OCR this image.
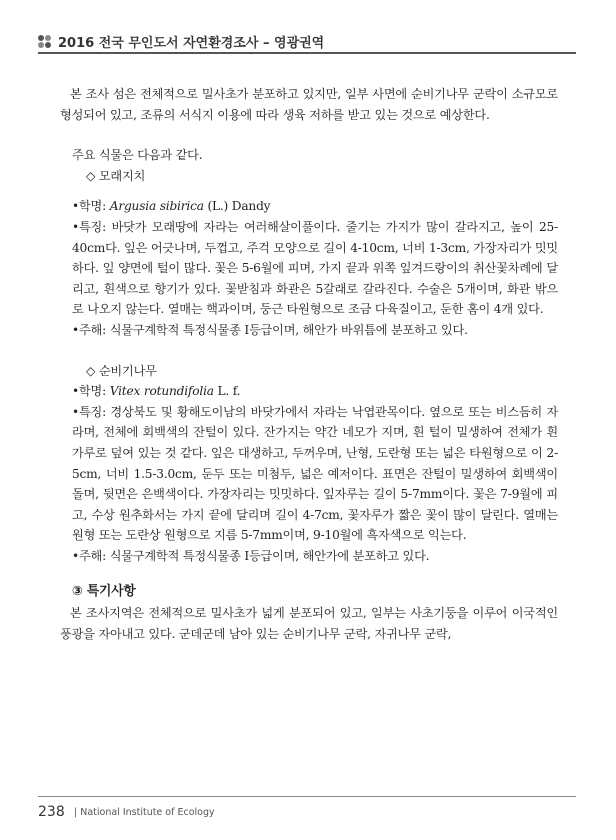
2016 전국 무인도서 자연환경조사 – 영광권역

본 조사 섬은 전체적으로 밀사초가 분포하고 있지만, 일부 사면에 순비기나무 군락이 소규모로 형성되어 있고, 조류의 서식지 이용에 따라 생육 저하를 받고 있는 것으로 예상한다.

주요 식물은 다음과 같다.

◇ 모래지치

•학명: Argusia sibirica (L.) Dandy

•특징: 바닷가 모래땅에 자라는 여러해살이풀이다. 줄기는 가지가 많이 갈라지고, 높이 25-40cm다. 잎은 어긋나며, 두껍고, 주걱 모양으로 길이 4-10cm, 너비 1-3cm, 가장자리가 밋밋하다. 잎 양면에 털이 많다. 꽃은 5-6월에 피며, 가지 끝과 위쪽 잎겨드랑이의 취산꽃차례에 달리고, 흰색으로 향기가 있다. 꽃받침과 화관은 5갈래로 갈라진다. 수술은 5개이며, 화관 밖으로 나오지 않는다. 열매는 핵과이며, 둥근 타원형으로 조금 다육질이고, 둔한 홈이 4개 있다.

•주해: 식물구계학적 특정식물종 I등급이며, 해안가 바위틈에 분포하고 있다.

◇ 순비기나무

•학명: Vitex rotundifolia L. f.

•특징: 경상북도 및 황해도이남의 바닷가에서 자라는 낙엽관목이다. 옆으로 또는 비스듬히 자라며, 전체에 회백색의 잔털이 있다. 잔가지는 약간 네모가 지며, 흰 털이 밀생하여 전체가 흰 가루로 덮여 있는 것 같다. 잎은 대생하고, 두꺼우며, 난형, 도란형 또는 넓은 타원형으로 이 2-5cm, 너비 1.5-3.0cm, 둔두 또는 미첨두, 넓은 예저이다. 표면은 잔털이 밀생하여 회백색이 돌며, 뒷면은 은백색이다. 가장자리는 밋밋하다. 잎자루는 길이 5-7mm이다. 꽃은 7-9월에 피고, 수상 원추화서는 가지 끝에 달리며 길이 4-7cm, 꽃자루가 짧은 꽃이 많이 달린다. 열매는 원형 또는 도란상 원형으로 지름 5-7mm이며, 9-10월에 흑자색으로 익는다.

•주해: 식물구계학적 특정식물종 I등급이며, 해안가에 분포하고 있다.

③ 특기사항

본 조사지역은 전체적으로 밀사초가 넓게 분포되어 있고, 일부는 사초기둥을 이루어 이국적인 풍광을 자아내고 있다. 군데군데 남아 있는 순비기나무 군락, 자귀나무 군락,

238 | National Institute of Ecology
